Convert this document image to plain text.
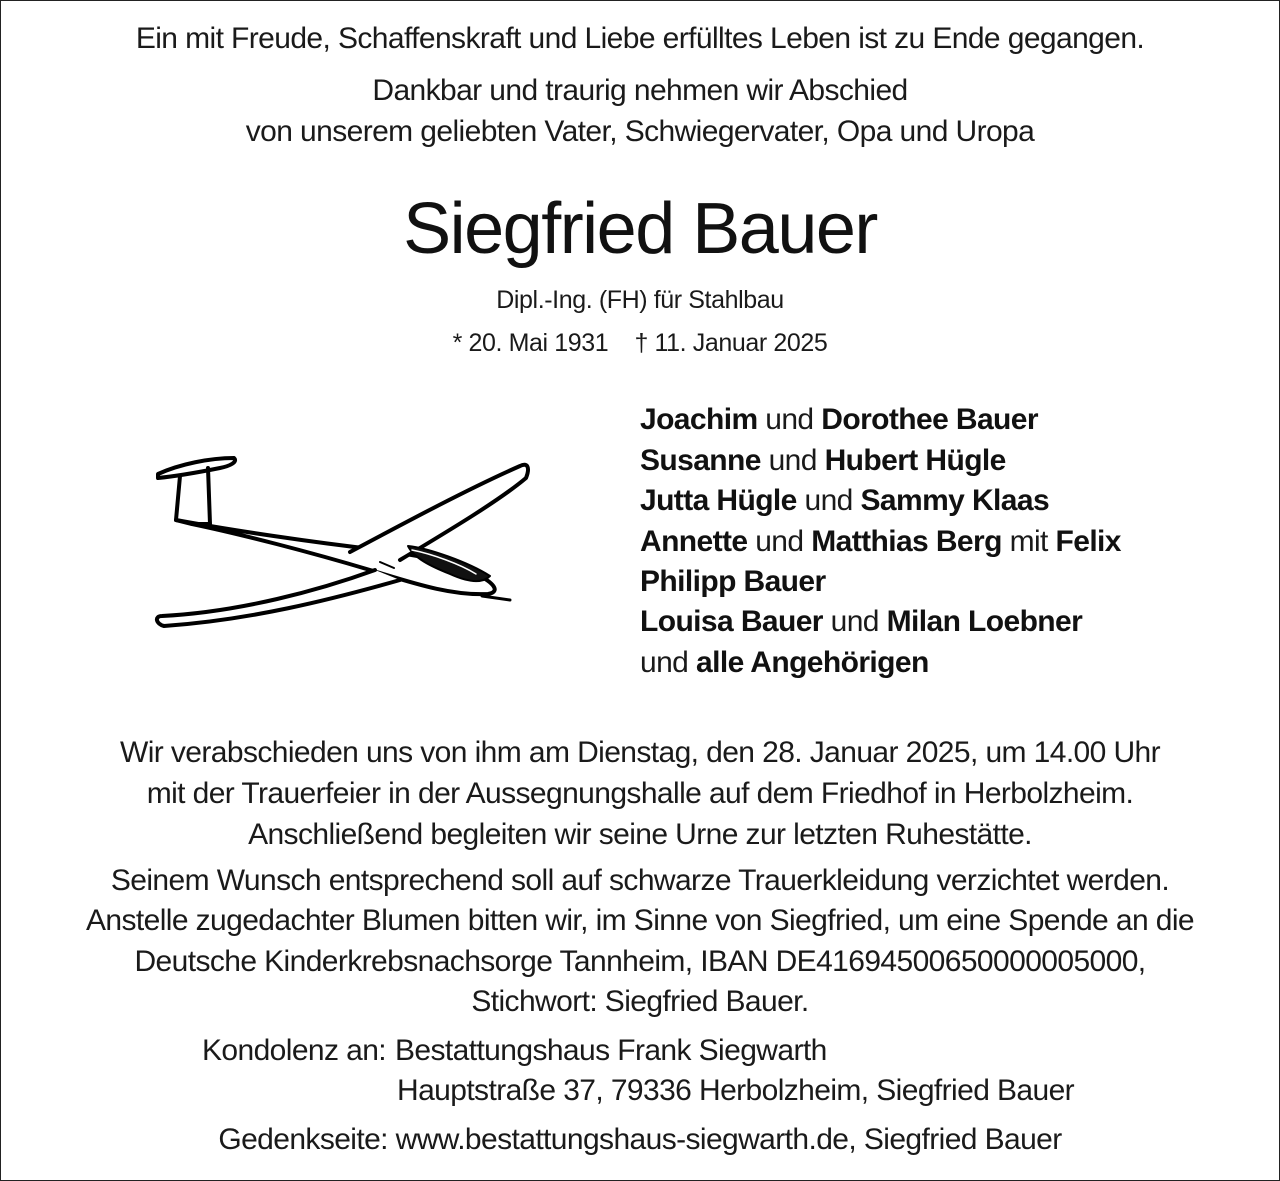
Ein mit Freude, Schaffenskraft und Liebe erfülltes Leben ist zu Ende gegangen.
Dankbar und traurig nehmen wir Abschied
von unserem geliebten Vater, Schwiegervater, Opa und Uropa
Siegfried Bauer
Dipl.-Ing. (FH) für Stahlbau
* 20. Mai 1931 † 11. Januar 2025
Joachim und Dorothee Bauer
Susanne und Hubert Hügle
Jutta Hügle und Sammy Klaas
Annette und Matthias Berg mit Felix
Philipp Bauer
Louisa Bauer und Milan Loebner
und alle Angehörigen
Wir verabschieden uns von ihm am Dienstag, den 28. Januar 2025, um 14.00 Uhr
mit der Trauerfeier in der Aussegnungshalle auf dem Friedhof in Herbolzheim.
Anschließend begleiten wir seine Urne zur letzten Ruhestätte.
Seinem Wunsch entsprechend soll auf schwarze Trauerkleidung verzichtet werden.
Anstelle zugedachter Blumen bitten wir, im Sinne von Siegfried, um eine Spende an die
Deutsche Kinderkrebsnachsorge Tannheim, IBAN DE41694500650000005000,
Stichwort: Siegfried Bauer.
Kondolenz an: Bestattungshaus Frank Siegwarth
Hauptstraße 37, 79336 Herbolzheim, Siegfried Bauer
Gedenkseite: www.bestattungshaus-siegwarth.de, Siegfried Bauer
